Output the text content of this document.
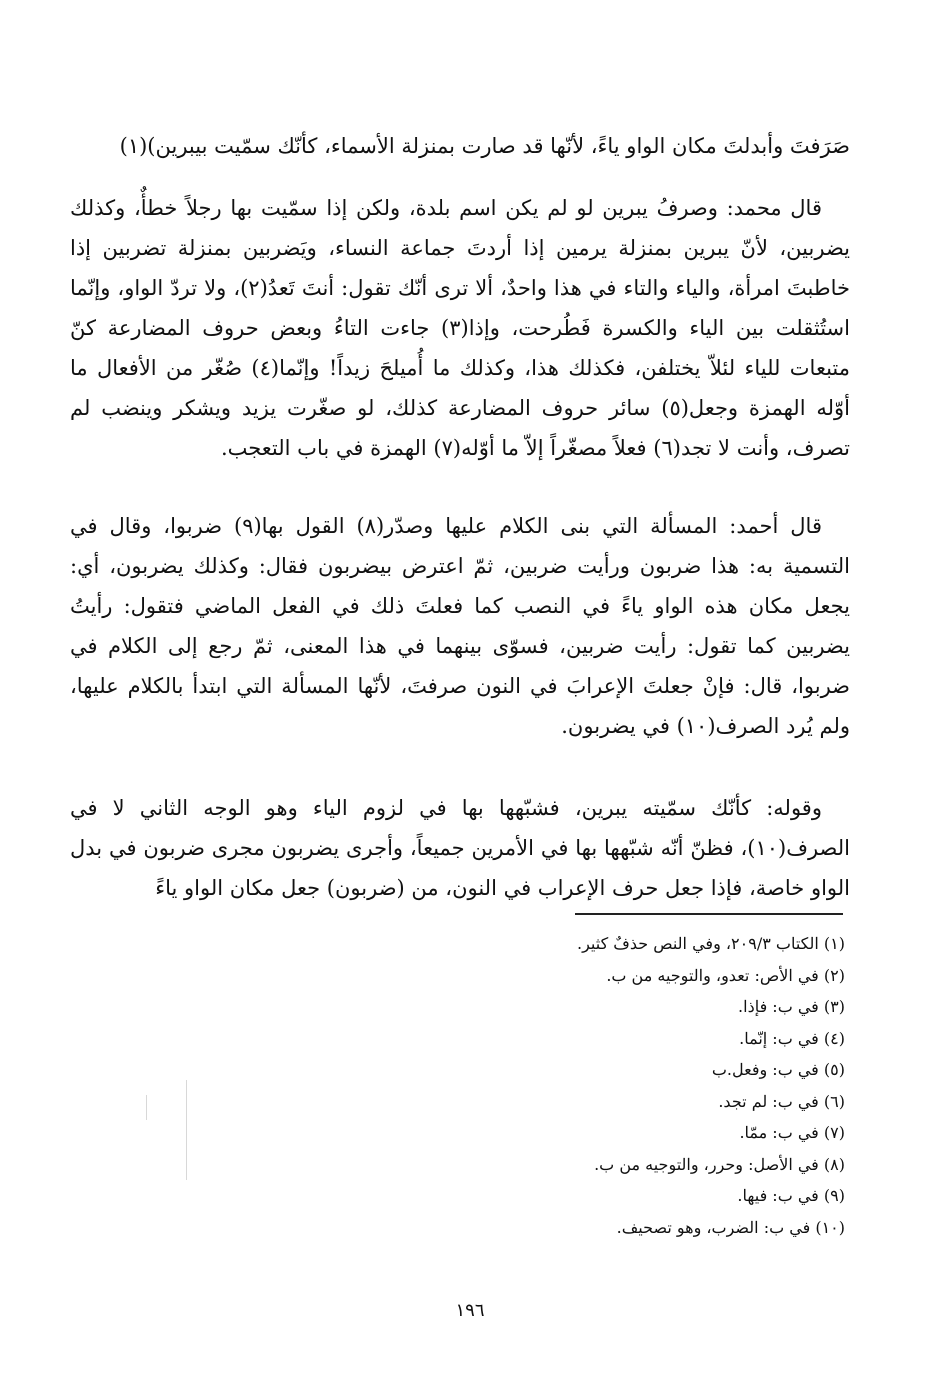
صَرَفتَ وأبدلتَ مكان الواو ياءً، لأنّها قد صارت بمنزلة الأسماء، كأنّك سمّيت بيبرين)(١)

قال محمد: وصرفُ يبرين لو لم يكن اسم بلدة، ولكن إذا سمّيت بها رجلاً خطأٌ، وكذلك يضربين، لأنّ يبرين بمنزلة يرمين إذا أردتَ جماعة النساء، ويَضربين بمنزلة تضربين إذا خاطبتَ امرأة، والياء والتاء في هذا واحدٌ، ألا ترى أنّك تقول: أنتَ تَعدُ(٢)، ولا تردّ الواو، وإنّما استُثقلت بين الياء والكسرة فَطُرحت، وإذا(٣) جاءت التاءُ وبعض حروف المضارعة كنّ متبعات للياء لئلاّ يختلفن، فكذلك هذا، وكذلك ما أُميلحَ زيداً! وإنّما(٤) صُغّر من الأفعال ما أوّله الهمزة وجعل(٥) سائر حروف المضارعة كذلك، لو صغّرت يزيد ويشكر وينضب لم تصرف، وأنت لا تجد(٦) فعلاً مصغّراً إلاّ ما أوّله(٧) الهمزة في باب التعجب.

قال أحمد: المسألة التي بنى الكلام عليها وصدّر(٨) القول بها(٩) ضربوا، وقال في التسمية به: هذا ضربون ورأيت ضربين، ثمّ اعترض بيضربون فقال: وكذلك يضربون، أي: يجعل مكان هذه الواو ياءً في النصب كما فعلتَ ذلك في الفعل الماضي فتقول: رأيتُ يضربين كما تقول: رأيت ضربين، فسوّى بينهما في هذا المعنى، ثمّ رجع إلى الكلام في ضربوا، قال: فإنْ جعلتَ الإعرابَ في النون صرفتَ، لأنّها المسألة التي ابتدأ بالكلام عليها، ولم يُرد الصرف(١٠) في يضربون.

وقوله: كأنّك سمّيته يبرين، فشبّهها بها في لزوم الياء وهو الوجه الثاني لا في الصرف(١٠)، فظنّ أنّه شبّهها بها في الأمرين جميعاً، وأجرى يضربون مجرى ضربون في بدل الواو خاصة، فإذا جعل حرف الإعراب في النون، من (ضربون) جعل مكان الواو ياءً

(١) الكتاب ٢٠٩/٣، وفي النص حذفٌ كثير.
(٢) في الأص: تعدو، والتوجيه من ب.
(٣) في ب: فإذا.
(٤) في ب: إنّما.
(٥) في ب: وفعل.ب
(٦) في ب: لم تجد.
(٧) في ب: ممّا.
(٨) في الأصل: وحرر، والتوجيه من ب.
(٩) في ب: فيها.
(١٠) في ب: الضرب، وهو تصحيف.
١٩٦
